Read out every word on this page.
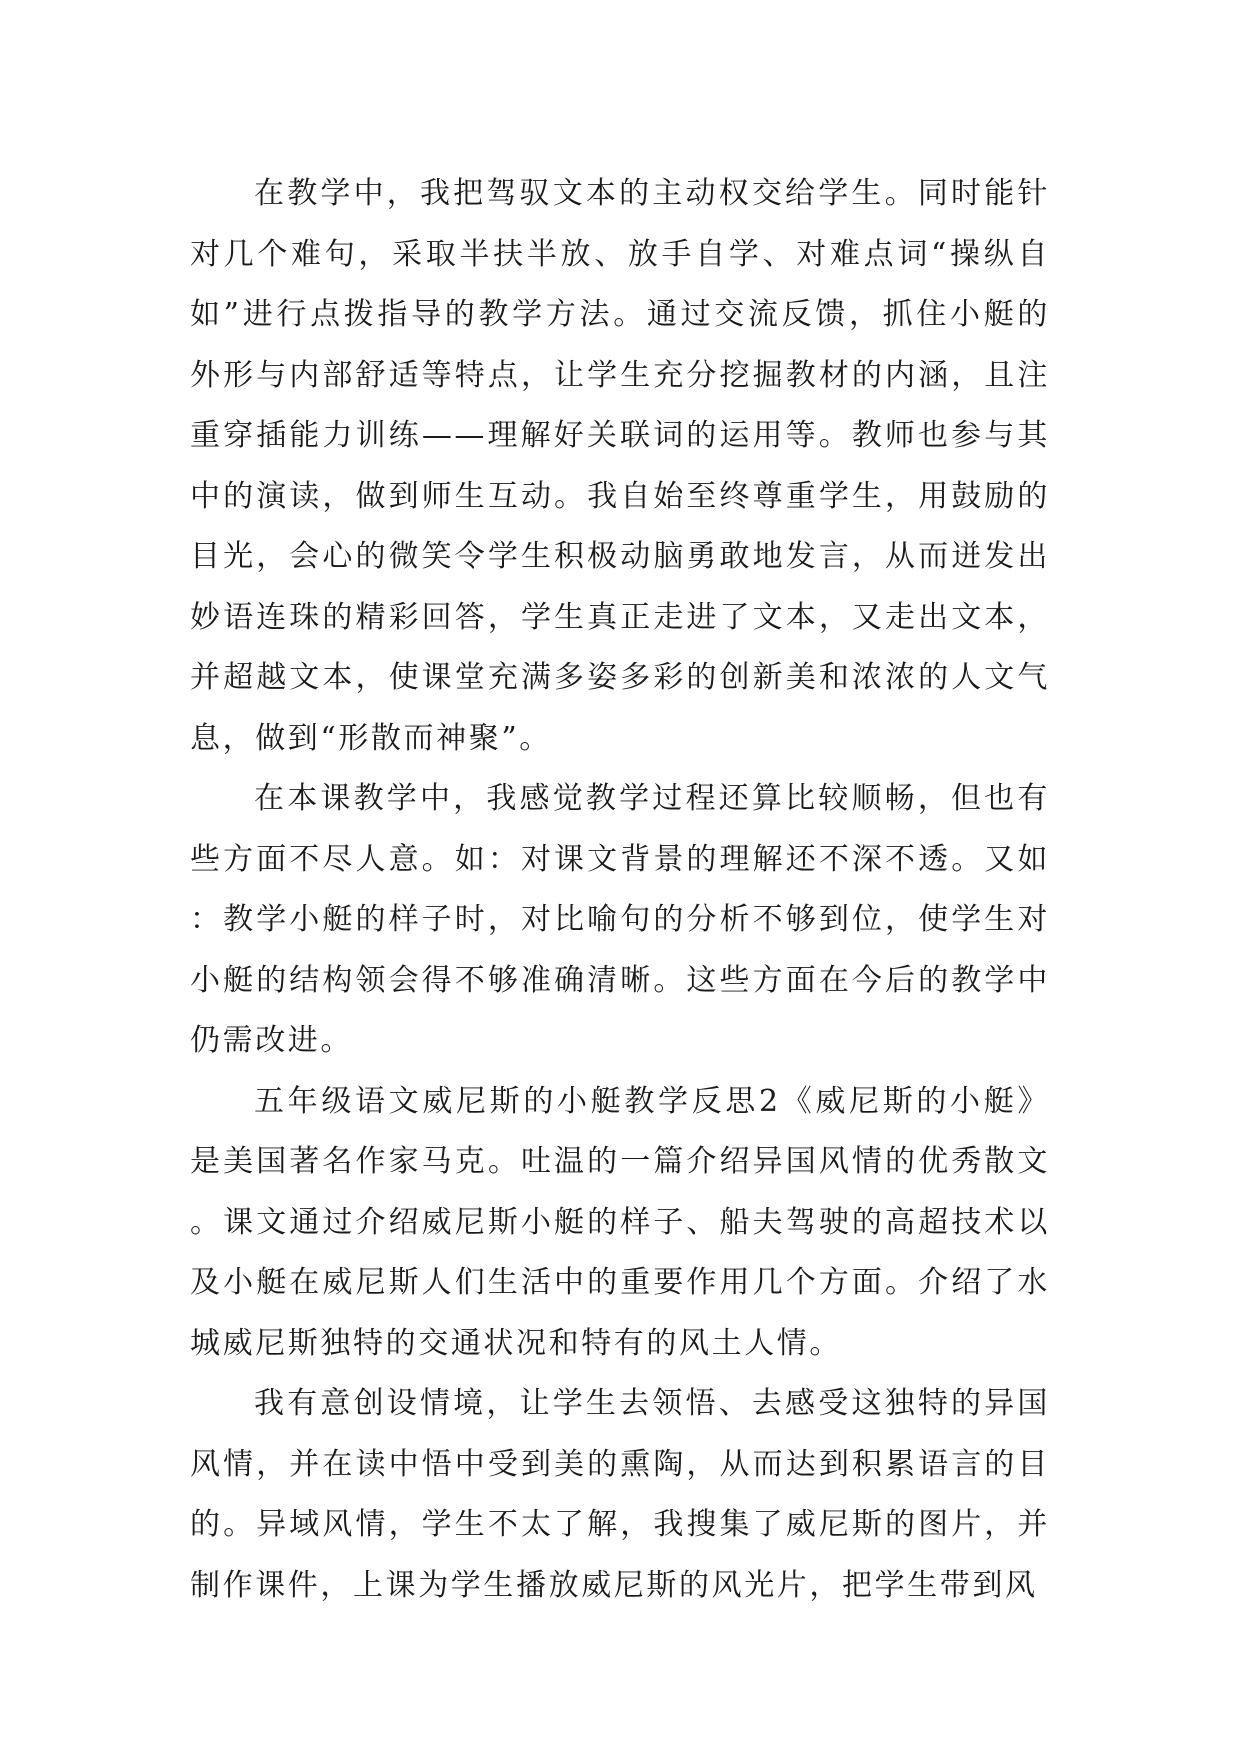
在教学中，我把驾驭文本的主动权交给学生。同时能针对几个难句，采取半扶半放、放手自学、对难点词“操纵自如”进行点拨指导的教学方法。通过交流反馈，抓住小艇的外形与内部舒适等特点，让学生充分挖掘教材的内涵，且注重穿插能力训练——理解好关联词的运用等。教师也参与其中的演读，做到师生互动。我自始至终尊重学生，用鼓励的目光，会心的微笑令学生积极动脑勇敢地发言，从而迸发出妙语连珠的精彩回答，学生真正走进了文本，又走出文本，并超越文本，使课堂充满多姿多彩的创新美和浓浓的人文气息，做到“形散而神聚”。

在本课教学中，我感觉教学过程还算比较顺畅，但也有些方面不尽人意。如：对课文背景的理解还不深不透。又如：教学小艇的样子时，对比喻句的分析不够到位，使学生对小艇的结构领会得不够准确清晰。这些方面在今后的教学中仍需改进。

五年级语文威尼斯的小艇教学反思2《威尼斯的小艇》是美国著名作家马克。吐温的一篇介绍异国风情的优秀散文。课文通过介绍威尼斯小艇的样子、船夫驾驶的高超技术以及小艇在威尼斯人们生活中的重要作用几个方面。介绍了水城威尼斯独特的交通状况和特有的风土人情。

我有意创设情境，让学生去领悟、去感受这独特的异国风情，并在读中悟中受到美的熏陶，从而达到积累语言的目的。异域风情，学生不太了解，我搜集了威尼斯的图片，并制作课件，上课为学生播放威尼斯的风光片，把学生带到风
